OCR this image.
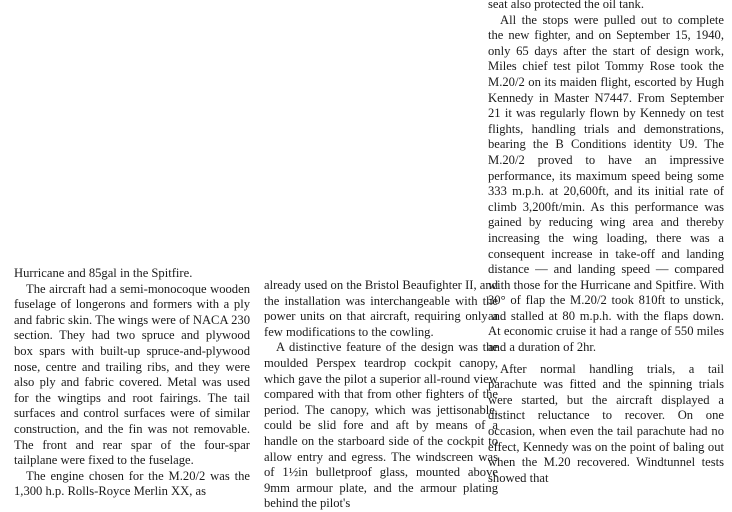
Hurricane and 85gal in the Spitfire.

The aircraft had a semi-monocoque wooden fuselage of longerons and formers with a ply and fabric skin. The wings were of NACA 230 section. They had two spruce and plywood box spars with built-up spruce-and-plywood nose, centre and trailing ribs, and they were also ply and fabric covered. Metal was used for the wingtips and root fairings. The tail surfaces and control surfaces were of similar construction, and the fin was not removable. The front and rear spar of the four-spar tailplane were fixed to the fuselage.

The engine chosen for the M.20/2 was the 1,300 h.p. Rolls-Royce Merlin XX, as

already used on the Bristol Beaufighter II, and the installation was interchangeable with the power units on that aircraft, requiring only a few modifications to the cowling.

A distinctive feature of the design was the moulded Perspex teardrop cockpit canopy, which gave the pilot a superior all-round view compared with that from other fighters of the period. The canopy, which was jettisonable, could be slid fore and aft by means of a handle on the starboard side of the cockpit to allow entry and egress. The windscreen was of 1½in bulletproof glass, mounted above 9mm armour plate, and the armour plating behind the pilot's

seat also protected the oil tank.

All the stops were pulled out to complete the new fighter, and on September 15, 1940, only 65 days after the start of design work, Miles chief test pilot Tommy Rose took the M.20/2 on its maiden flight, escorted by Hugh Kennedy in Master N7447. From September 21 it was regularly flown by Kennedy on test flights, handling trials and demonstrations, bearing the B Conditions identity U9. The M.20/2 proved to have an impressive performance, its maximum speed being some 333 m.p.h. at 20,600ft, and its initial rate of climb 3,200ft/min. As this performance was gained by reducing wing area and thereby increasing the wing loading, there was a consequent increase in take-off and landing distance — and landing speed — compared with those for the Hurricane and Spitfire. With 30° of flap the M.20/2 took 810ft to unstick, and stalled at 80 m.p.h. with the flaps down. At economic cruise it had a range of 550 miles and a duration of 2hr.

After normal handling trials, a tail parachute was fitted and the spinning trials were started, but the aircraft displayed a distinct reluctance to recover. On one occasion, when even the tail parachute had no effect, Kennedy was on the point of baling out when the M.20 recovered. Windtunnel tests showed that
